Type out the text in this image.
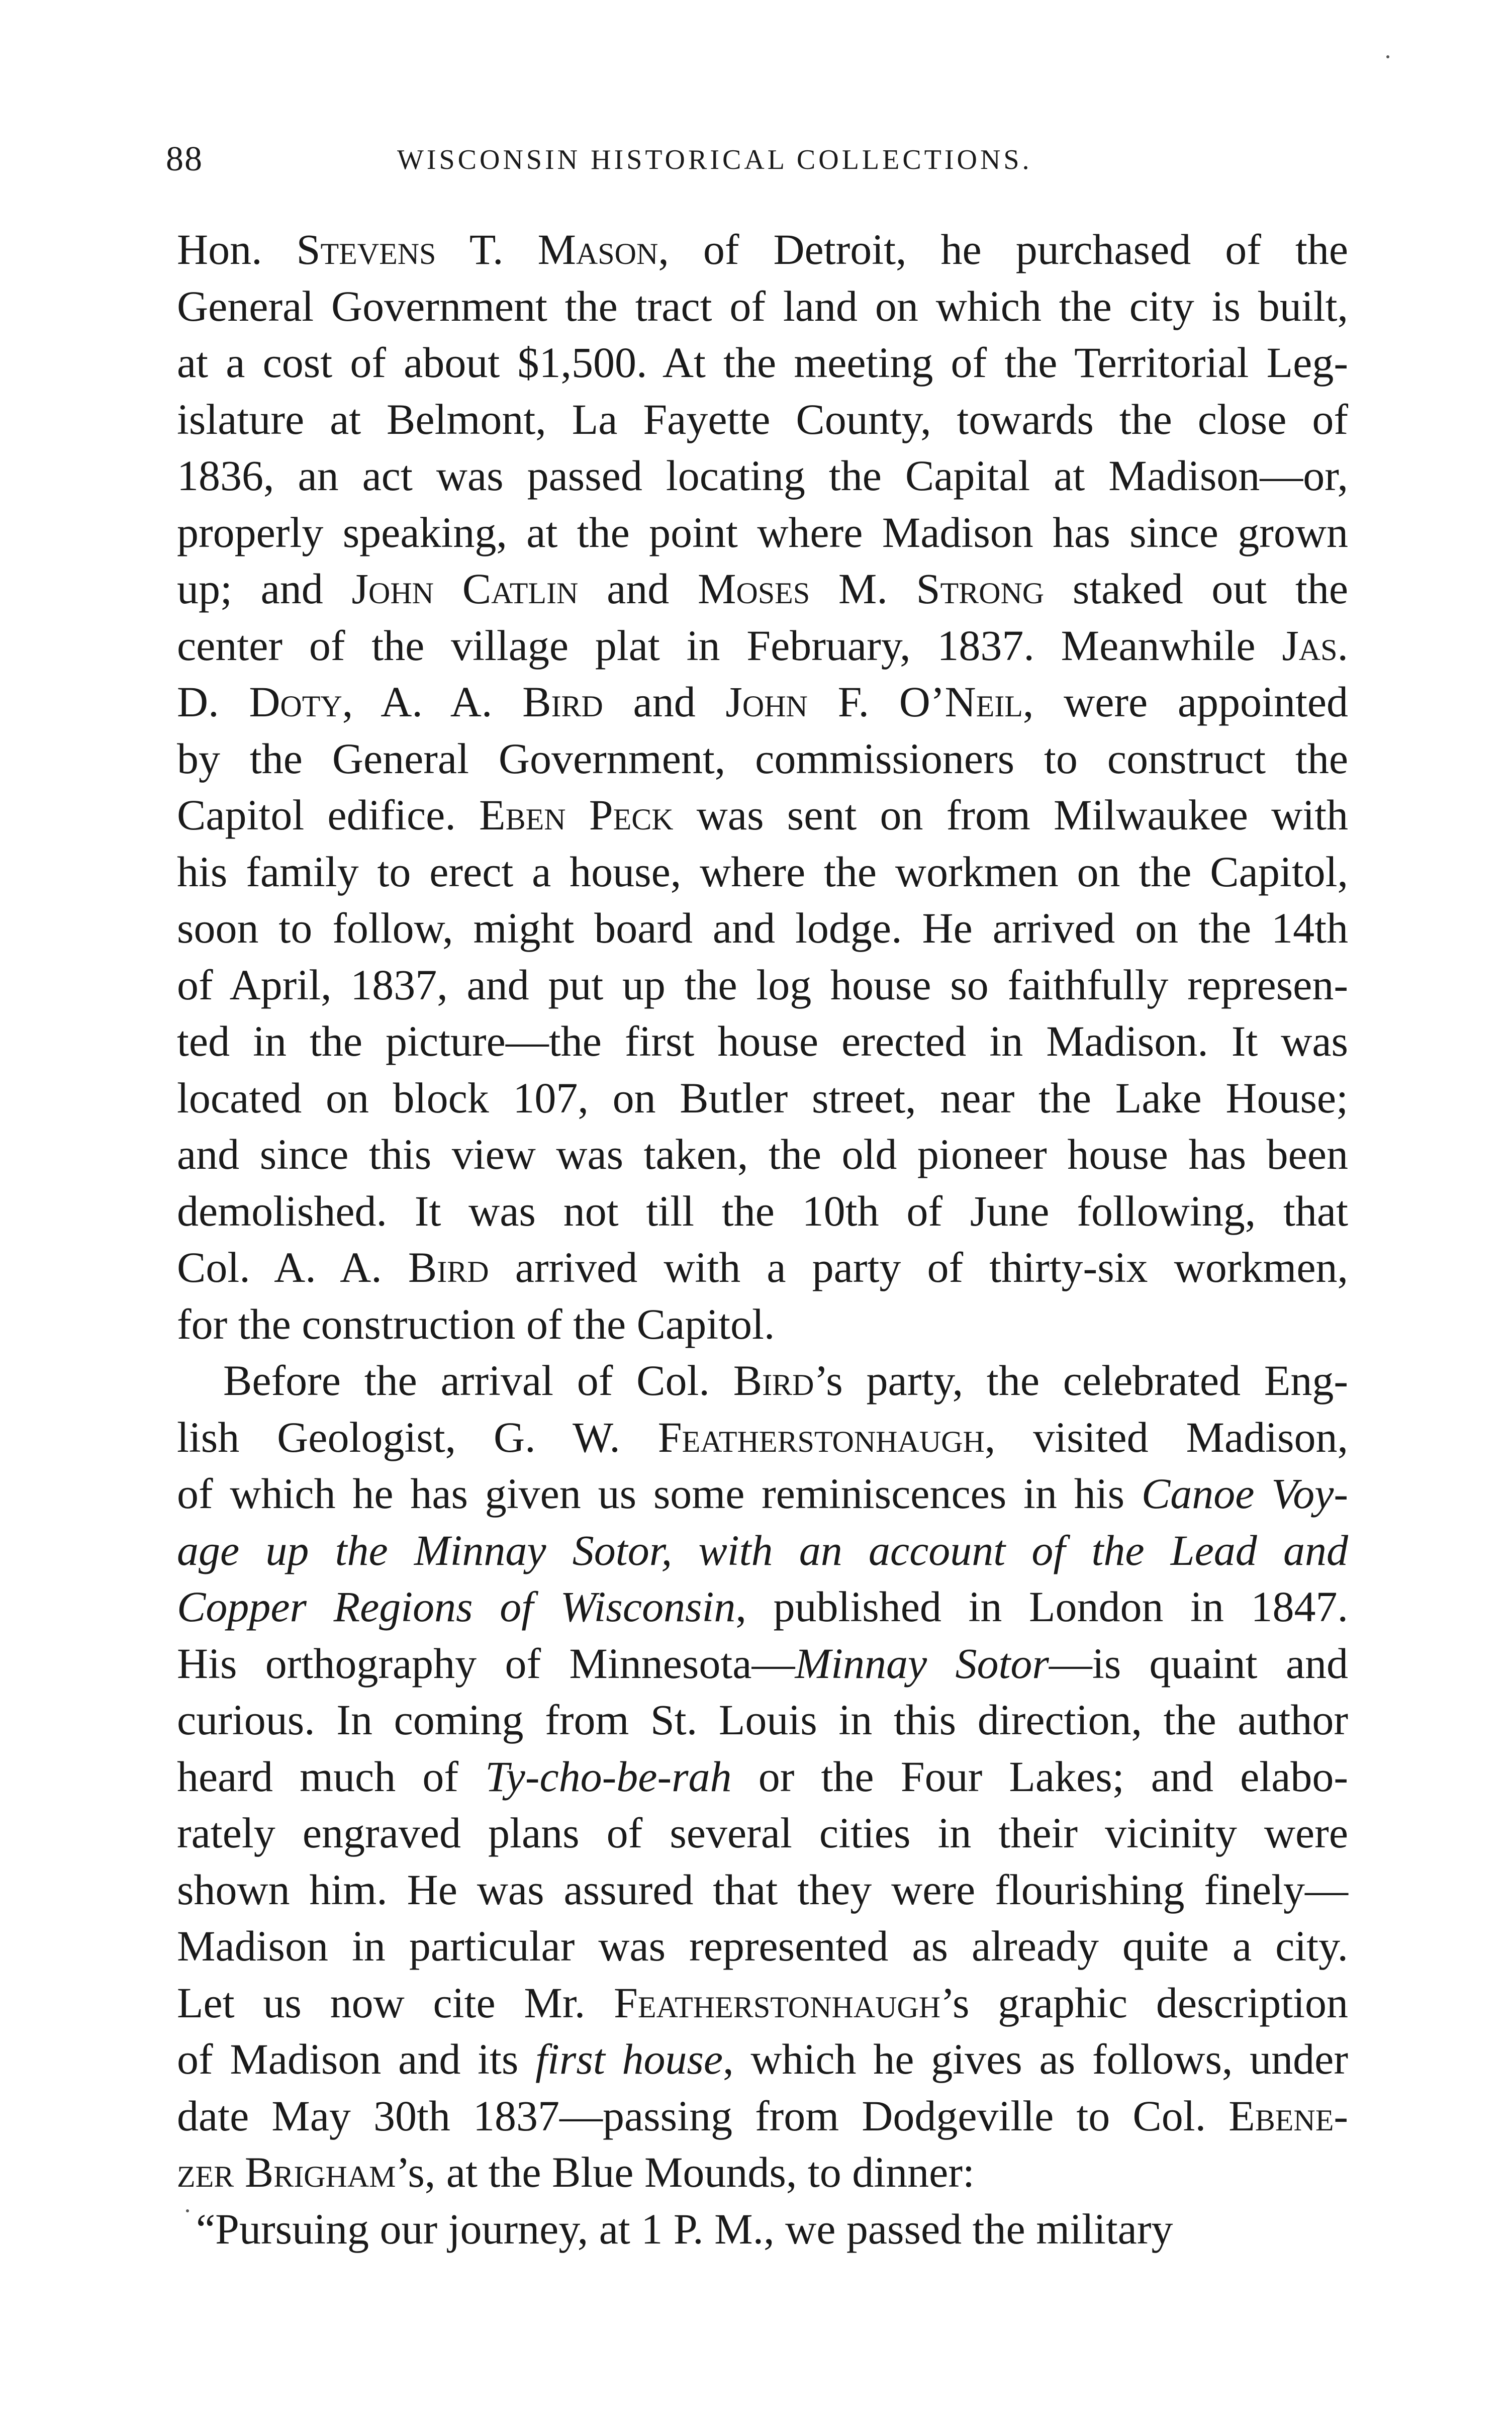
88	WISCONSIN HISTORICAL COLLECTIONS.
Hon. Stevens T. Mason, of Detroit, he purchased of the
General Government the tract of land on which the city is built,
at a cost of about $1,500. At the meeting of the Territorial Leg-
islature at Belmont, La Fayette County, towards the close of
1836, an act was passed locating the Capital at Madison—or,
properly speaking, at the point where Madison has since grown
up; and John Catlin and Moses M. Strong staked out the
center of the village plat in February, 1837. Meanwhile Jas.
D. Doty, A. A. Bird and John F. O’Neil, were appointed
by the General Government, commissioners to construct the
Capitol edifice. Eben Peck was sent on from Milwaukee with
his family to erect a house, where the workmen on the Capitol,
soon to follow, might board and lodge. He arrived on the 14th
of April, 1837, and put up the log house so faithfully represen-
ted in the picture—the first house erected in Madison. It was
located on block 107, on Butler street, near the Lake House;
and since this view was taken, the old pioneer house has been
demolished. It was not till the 10th of June following, that
Col. A. A. Bird arrived with a party of thirty-six workmen,
for the construction of the Capitol.
Before the arrival of Col. Bird’s party, the celebrated Eng-
lish Geologist, G. W. Featherstonhaugh, visited Madison,
of which he has given us some reminiscences in his Canoe Voy-
age up the Minnay Sotor, with an account of the Lead and
Copper Regions of Wisconsin, published in London in 1847.
His orthography of Minnesota—Minnay Sotor—is quaint and
curious. In coming from St. Louis in this direction, the author
heard much of Ty-cho-be-rah or the Four Lakes; and elabo-
rately engraved plans of several cities in their vicinity were
shown him. He was assured that they were flourishing finely—
Madison in particular was represented as already quite a city.
Let us now cite Mr. Featherstonhaugh’s graphic description
of Madison and its first house, which he gives as follows, under
date May 30th 1837—passing from Dodgeville to Col. Ebene-
zer Brigham’s, at the Blue Mounds, to dinner:
“Pursuing our journey, at 1 P. M., we passed the military
